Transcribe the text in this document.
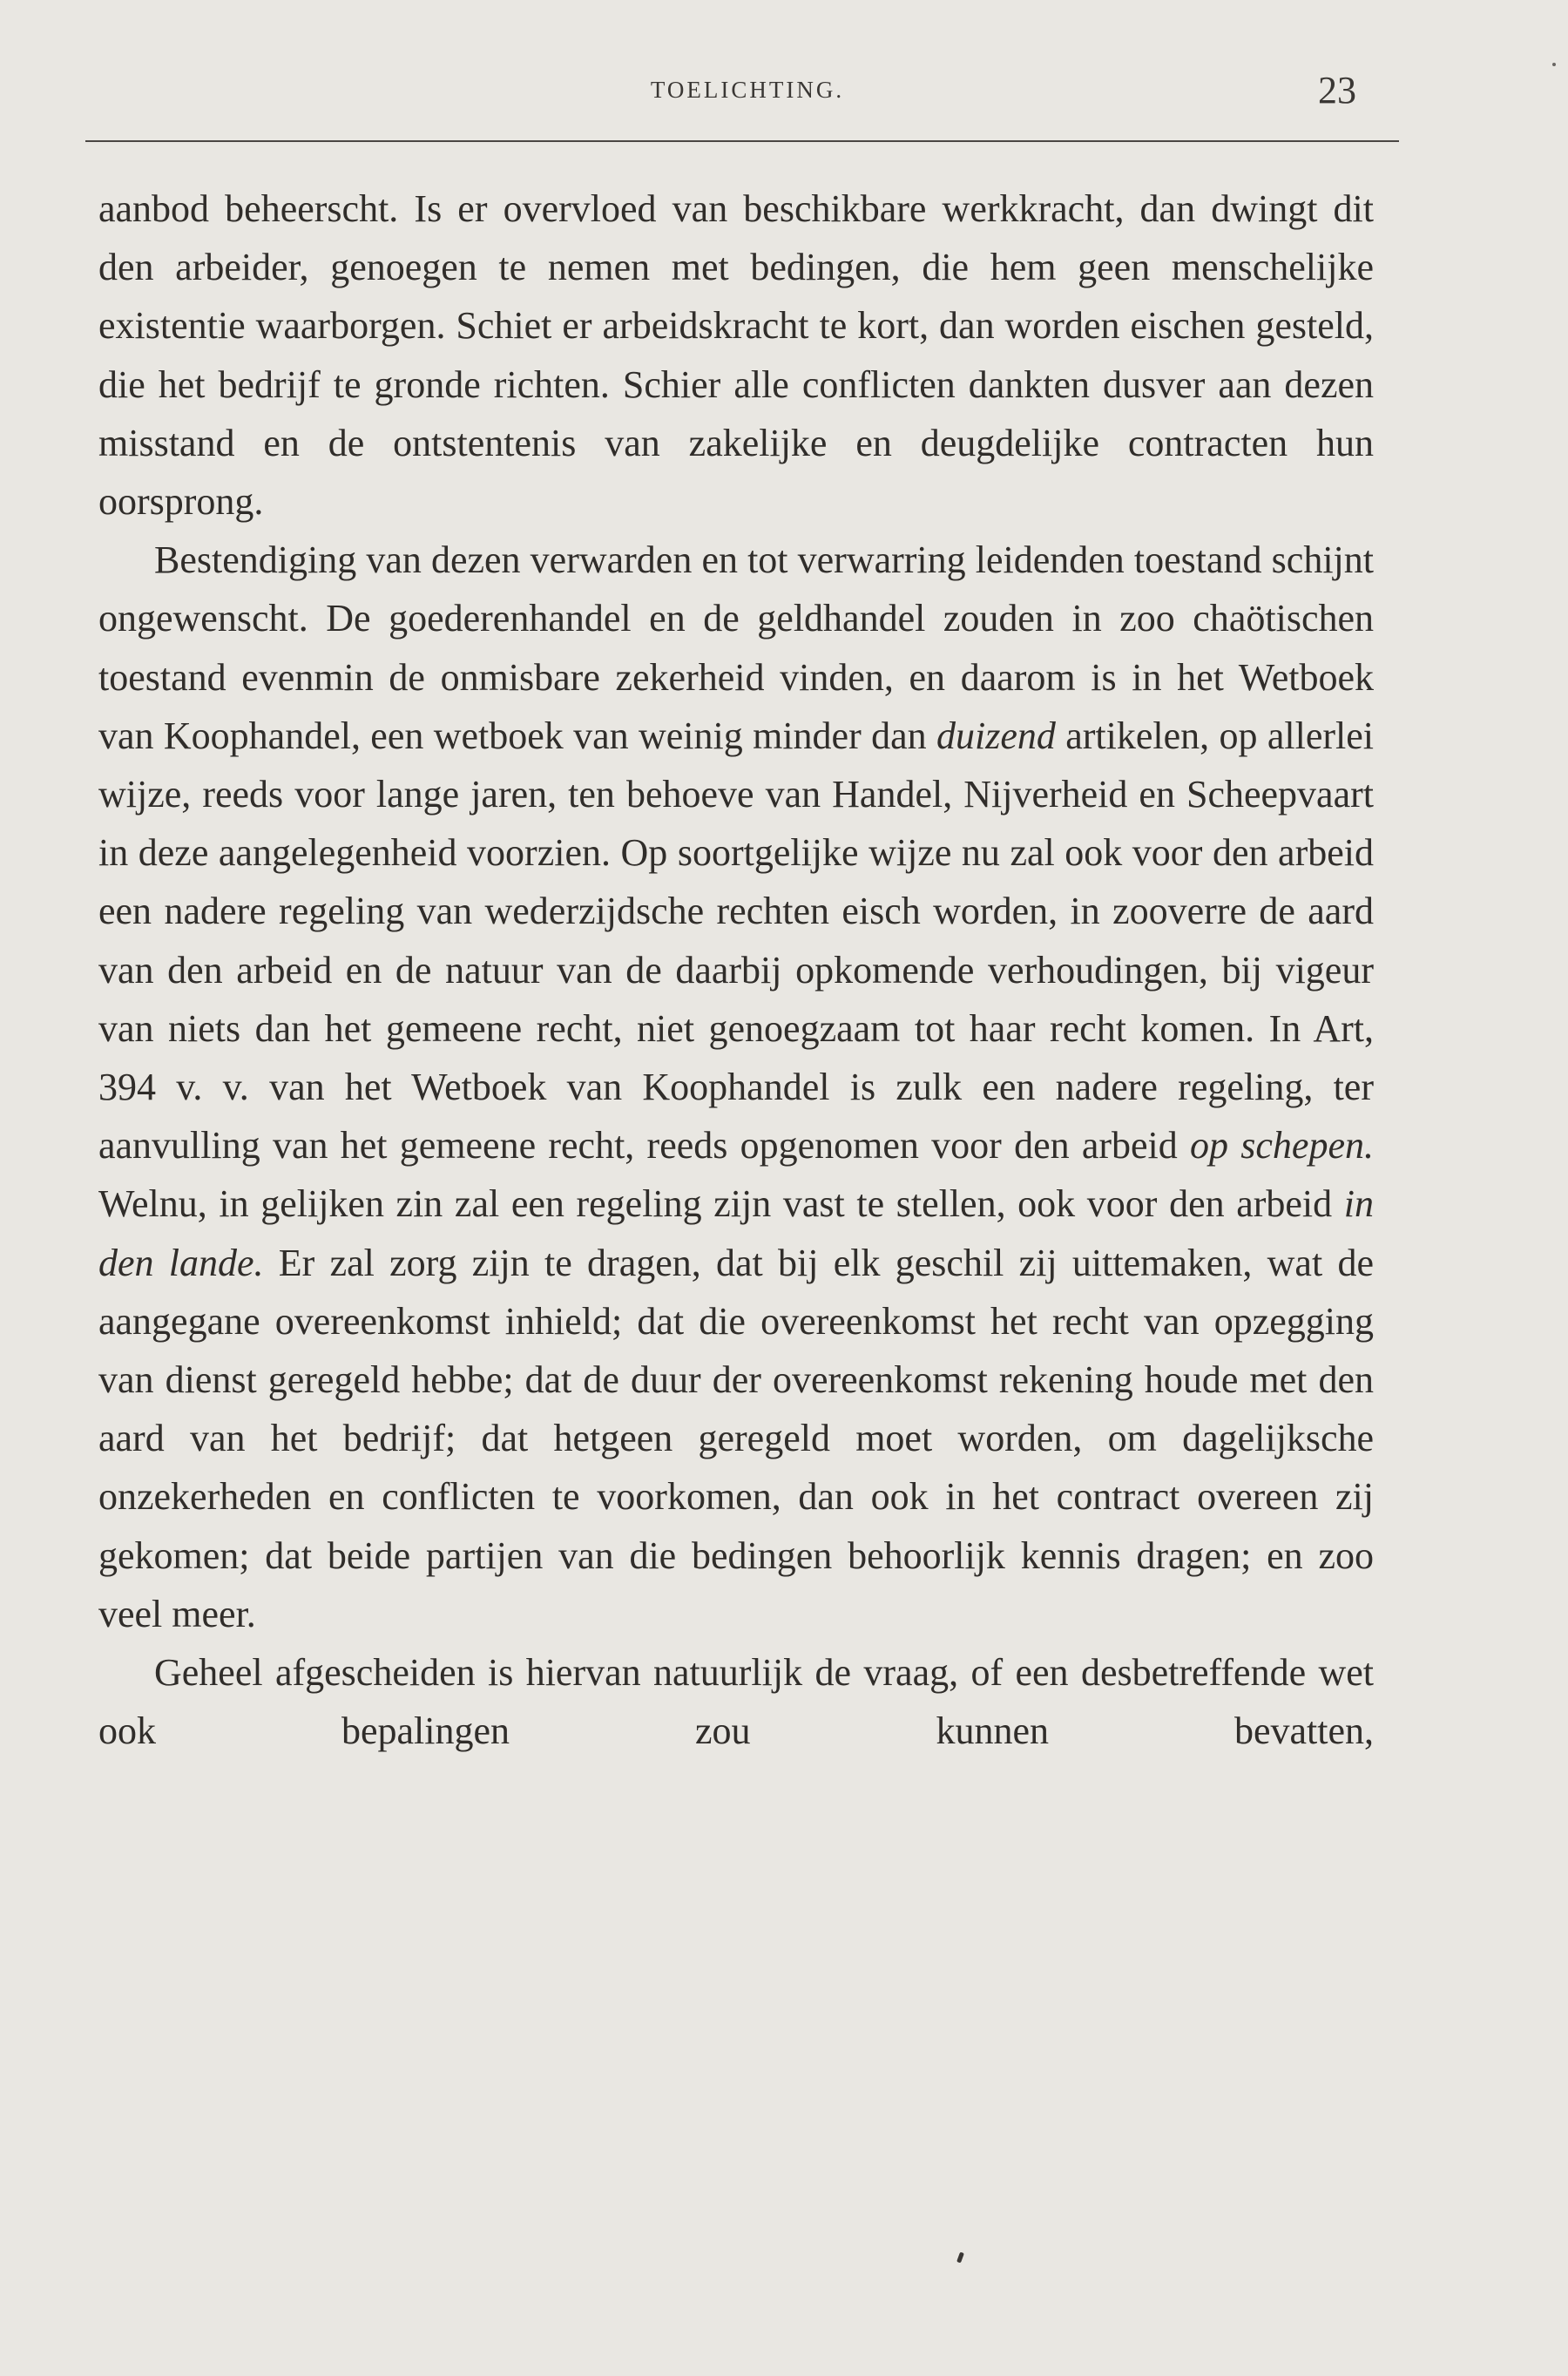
TOELICHTING.	23

aanbod beheerscht. Is er overvloed van beschikbare werkkracht, dan dwingt dit den arbeider, genoegen te nemen met bedingen, die hem geen menschelijke existentie waarborgen. Schiet er arbeidskracht te kort, dan worden eischen gesteld, die het bedrijf te gronde richten. Schier alle conflicten dankten dusver aan dezen misstand en de ontstentenis van zakelijke en deugdelijke contracten hun oorsprong.

Bestendiging van dezen verwarden en tot verwarring leidenden toestand schijnt ongewenscht. De goederenhandel en de geldhandel zouden in zoo chaötischen toestand evenmin de onmisbare zekerheid vinden, en daarom is in het Wetboek van Koophandel, een wetboek van weinig minder dan duizend artikelen, op allerlei wijze, reeds voor lange jaren, ten behoeve van Handel, Nijverheid en Scheepvaart in deze aangelegenheid voorzien. Op soortgelijke wijze nu zal ook voor den arbeid een nadere regeling van wederzijdsche rechten eisch worden, in zooverre de aard van den arbeid en de natuur van de daarbij opkomende verhoudingen, bij vigeur van niets dan het gemeene recht, niet genoegzaam tot haar recht komen. In Art, 394 v. v. van het Wetboek van Koophandel is zulk een nadere regeling, ter aanvulling van het gemeene recht, reeds opgenomen voor den arbeid op schepen. Welnu, in gelijken zin zal een regeling zijn vast te stellen, ook voor den arbeid in den lande. Er zal zorg zijn te dragen, dat bij elk geschil zij uittemaken, wat de aangegane overeenkomst inhield; dat die overeenkomst het recht van opzegging van dienst geregeld hebbe; dat de duur der overeenkomst rekening houde met den aard van het bedrijf; dat hetgeen geregeld moet worden, om dagelijksche onzekerheden en conflicten te voorkomen, dan ook in het contract overeen zij gekomen; dat beide partijen van die bedingen behoorlijk kennis dragen; en zoo veel meer.

Geheel afgescheiden is hiervan natuurlijk de vraag, of een desbetreffende wet ook bepalingen zou kunnen bevatten,
